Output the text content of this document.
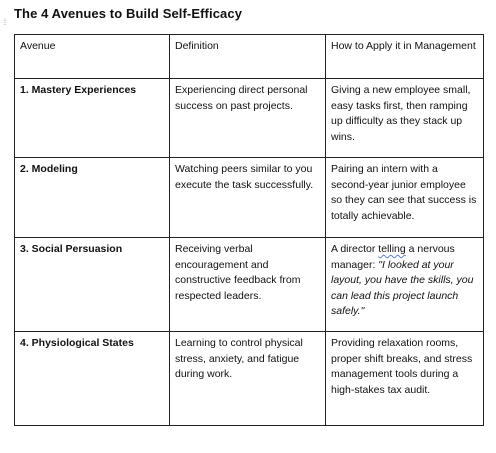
The 4 Avenues to Build Self-Efficacy
⁞⁞
Avenue	Definition	How to Apply it in Management
1. Mastery Experiences	Experiencing direct personal success on past projects.	Giving a new employee small, easy tasks first, then ramping up difficulty as they stack up wins.
2. Modeling	Watching peers similar to you execute the task successfully.	Pairing an intern with a second-year junior employee so they can see that success is totally achievable.
3. Social Persuasion	Receiving verbal encouragement and constructive feedback from respected leaders.	A director telling a nervous manager: "I looked at your layout, you have the skills, you can lead this project launch safely."
4. Physiological States	Learning to control physical stress, anxiety, and fatigue during work.	Providing relaxation rooms, proper shift breaks, and stress management tools during a high-stakes tax audit.
